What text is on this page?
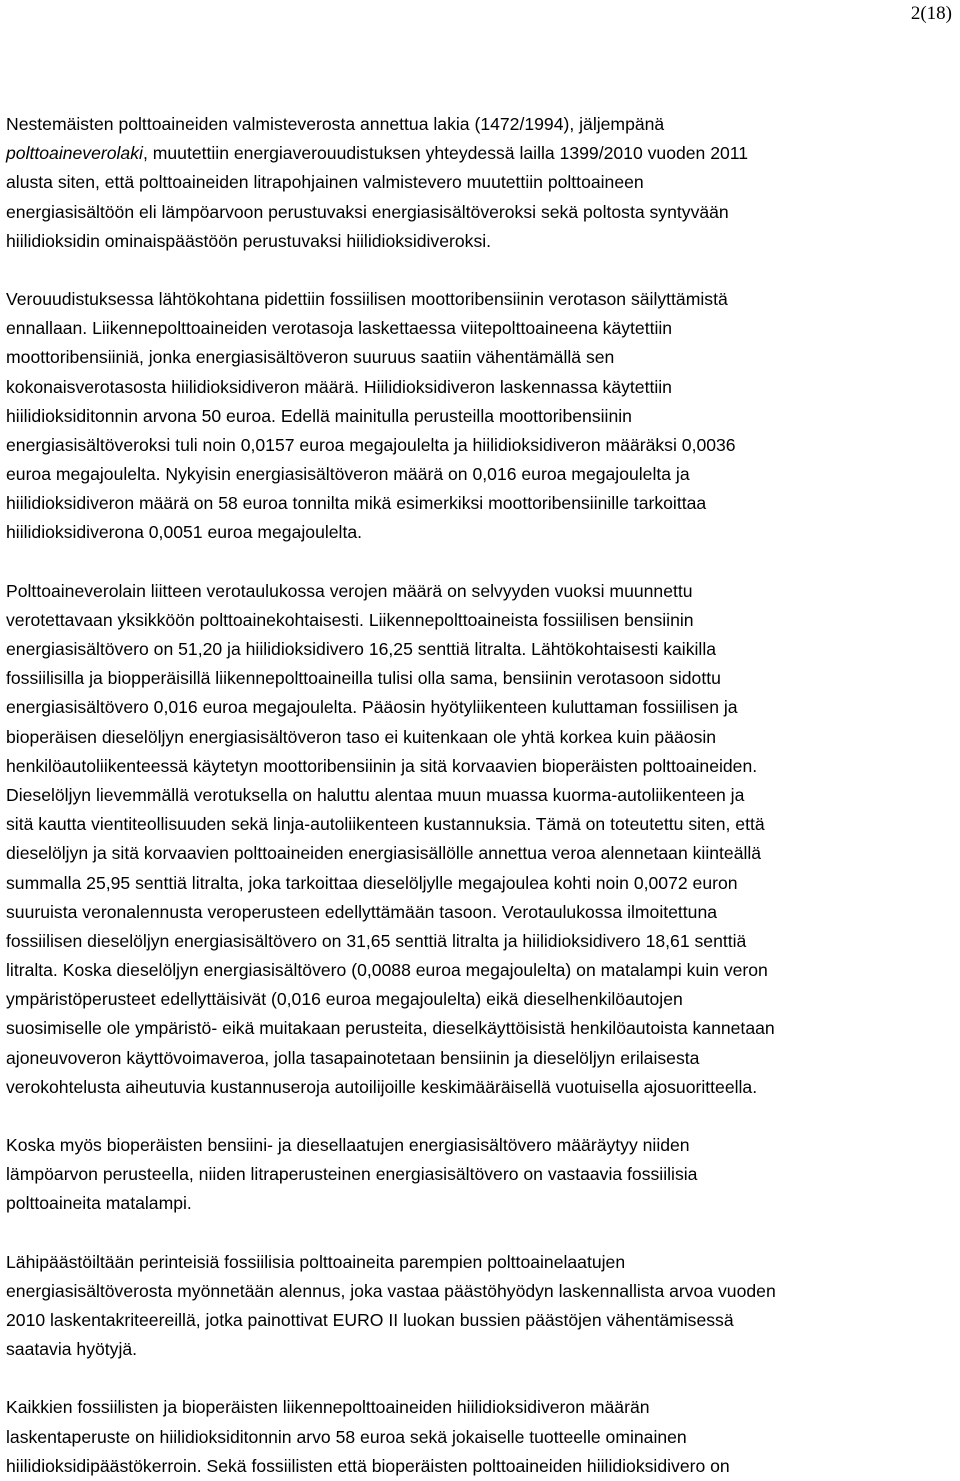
2(18)

Nestemäisten polttoaineiden valmisteverosta annettua lakia (1472/1994), jäljempänä
polttoaineverolaki, muutettiin energiaverouudistuksen yhteydessä lailla 1399/2010 vuoden 2011
alusta siten, että polttoaineiden litrapohjainen valmistevero muutettiin polttoaineen
energiasisältöön eli lämpöarvoon perustuvaksi energiasisältöveroksi sekä poltosta syntyvään
hiilidioksidin ominaispäästöön perustuvaksi hiilidioksidiveroksi.

Verouudistuksessa lähtökohtana pidettiin fossiilisen moottoribensiinin verotason säilyttämistä
ennallaan. Liikennepolttoaineiden verotasoja laskettaessa viitepolttoaineena käytettiin
moottoribensiiniä, jonka energiasisältöveron suuruus saatiin vähentämällä sen
kokonaisverotasosta hiilidioksidiveron määrä. Hiilidioksidiveron laskennassa käytettiin
hiilidioksiditonnin arvona 50 euroa. Edellä mainitulla perusteilla moottoribensiinin
energiasisältöveroksi tuli noin 0,0157 euroa megajoulelta ja hiilidioksidiveron määräksi 0,0036
euroa megajoulelta. Nykyisin energiasisältöveron määrä on 0,016 euroa megajoulelta ja
hiilidioksidiveron määrä on 58 euroa tonnilta mikä esimerkiksi moottoribensiinille tarkoittaa
hiilidioksidiverona 0,0051 euroa megajoulelta.

Polttoaineverolain liitteen verotaulukossa verojen määrä on selvyyden vuoksi muunnettu
verotettavaan yksikköön polttoainekohtaisesti. Liikennepolttoaineista fossiilisen bensiinin
energiasisältövero on 51,20 ja hiilidioksidivero 16,25 senttiä litralta. Lähtökohtaisesti kaikilla
fossiilisilla ja biopperäisillä liikennepolttoaineilla tulisi olla sama, bensiinin verotasoon sidottu
energiasisältövero 0,016 euroa megajoulelta. Pääosin hyötyliikenteen kuluttaman fossiilisen ja
bioperäisen dieselöljyn energiasisältöveron taso ei kuitenkaan ole yhtä korkea kuin pääosin
henkilöautoliikenteessä käytetyn moottoribensiinin ja sitä korvaavien bioperäisten polttoaineiden.
Dieselöljyn lievemmällä verotuksella on haluttu alentaa muun muassa kuorma-autoliikenteen ja
sitä kautta vientiteollisuuden sekä linja-autoliikenteen kustannuksia. Tämä on toteutettu siten, että
dieselöljyn ja sitä korvaavien polttoaineiden energiasisällölle annettua veroa alennetaan kiinteällä
summalla 25,95 senttiä litralta, joka tarkoittaa dieselöljylle megajoulea kohti noin 0,0072 euron
suuruista veronalennusta veroperusteen edellyttämään tasoon. Verotaulukossa ilmoitettuna
fossiilisen dieselöljyn energiasisältövero on 31,65 senttiä litralta ja hiilidioksidivero 18,61 senttiä
litralta. Koska dieselöljyn energiasisältövero (0,0088 euroa megajoulelta) on matalampi kuin veron
ympäristöperusteet edellyttäisivät (0,016 euroa megajoulelta) eikä dieselhenkilöautojen
suosimiselle ole ympäristö- eikä muitakaan perusteita, dieselkäyttöisistä henkilöautoista kannetaan
ajoneuvoveron käyttövoimaveroa, jolla tasapainotetaan bensiinin ja dieselöljyn erilaisesta
verokohtelusta aiheutuvia kustannuseroja autoilijoille keskimääräisellä vuotuisella ajosuoritteella.

Koska myös bioperäisten bensiini- ja diesellaatujen energiasisältövero määräytyy niiden
lämpöarvon perusteella, niiden litraperusteinen energiasisältövero on vastaavia fossiilisia
polttoaineita matalampi.

Lähipäästöiltään perinteisiä fossiilisia polttoaineita parempien polttoainelaatujen
energiasisältöverosta myönnetään alennus, joka vastaa päästöhyödyn laskennallista arvoa vuoden
2010 laskentakriteereillä, jotka painottivat EURO II luokan bussien päästöjen vähentämisessä
saatavia hyötyjä.

Kaikkien fossiilisten ja bioperäisten liikennepolttoaineiden hiilidioksidiveron määrän
laskentaperuste on hiilidioksiditonnin arvo 58 euroa sekä jokaiselle tuotteelle ominainen
hiilidioksidipäästökerroin. Sekä fossiilisten että bioperäisten polttoaineiden hiilidioksidivero on
